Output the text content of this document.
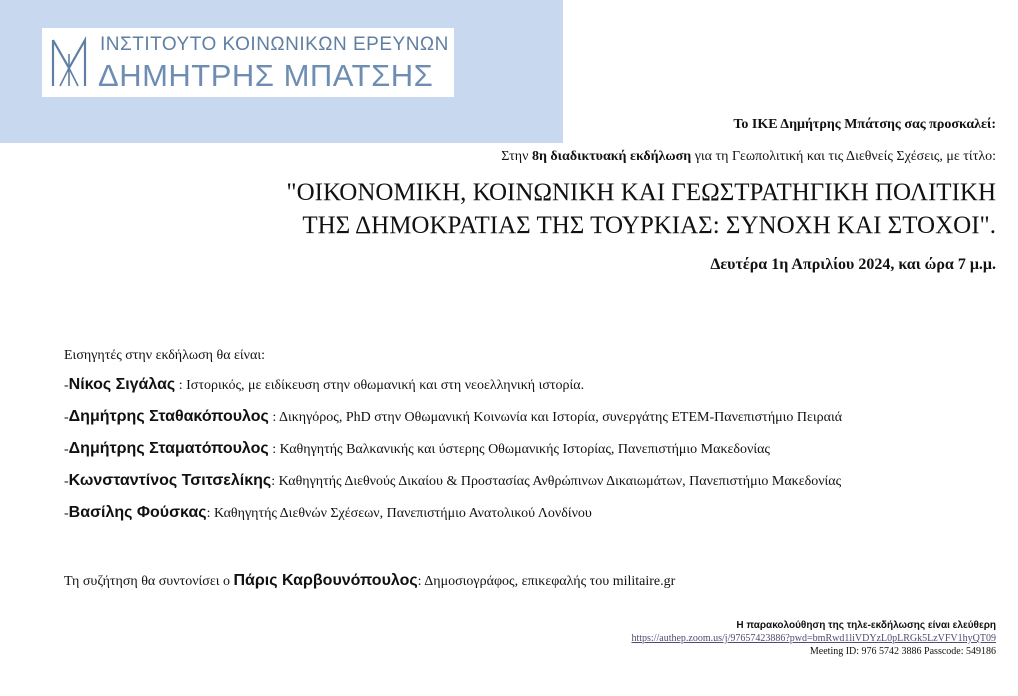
ΙΝΣΤΙΤΟΥΤΟ ΚΟΙΝΩΝΙΚΩΝ ΕΡΕΥΝΩΝ
ΔΗΜΗΤΡΗΣ ΜΠΑΤΣΗΣ
Το ΙΚΕ Δημήτρης Μπάτσης σας προσκαλεί:
Στην 8η διαδικτυακή εκδήλωση για τη Γεωπολιτική και τις Διεθνείς Σχέσεις, με τίτλο:
"ΟΙΚΟΝΟΜΙΚΗ, ΚΟΙΝΩΝΙΚΗ ΚΑΙ ΓΕΩΣΤΡΑΤΗΓΙΚΗ ΠΟΛΙΤΙΚΗ
ΤΗΣ ΔΗΜΟΚΡΑΤΙΑΣ ΤΗΣ ΤΟΥΡΚΙΑΣ: ΣΥΝΟΧΗ ΚΑΙ ΣΤΟΧΟΙ".
Δευτέρα 1η Απριλίου 2024, και ώρα 7 μ.μ.
Εισηγητές στην εκδήλωση θα είναι:
-Νίκος Σιγάλας : Ιστορικός, με ειδίκευση στην οθωμανική και στη νεοελληνική ιστορία.
-Δημήτρης Σταθακόπουλος : Δικηγόρος, PhD στην Οθωμανική Κοινωνία και Ιστορία, συνεργάτης ΕΤΕΜ-Πανεπιστήμιο Πειραιά
-Δημήτρης Σταματόπουλος : Καθηγητής Βαλκανικής και ύστερης Οθωμανικής Ιστορίας, Πανεπιστήμιο Μακεδονίας
-Κωνσταντίνος Τσιτσελίκης: Καθηγητής Διεθνούς Δικαίου & Προστασίας Ανθρώπινων Δικαιωμάτων, Πανεπιστήμιο Μακεδονίας
-Βασίλης Φούσκας: Καθηγητής Διεθνών Σχέσεων, Πανεπιστήμιο Ανατολικού Λονδίνου
Τη συζήτηση θα συντονίσει ο Πάρις Καρβουνόπουλος: Δημοσιογράφος, επικεφαλής του militaire.gr
Η παρακολούθηση της τηλε-εκδήλωσης είναι ελεύθερη
https://authep.zoom.us/j/97657423886?pwd=bmRwd1liVDYzL0pLRGk5LzVFV1hyQT09
Meeting ID: 976 5742 3886 Passcode: 549186
